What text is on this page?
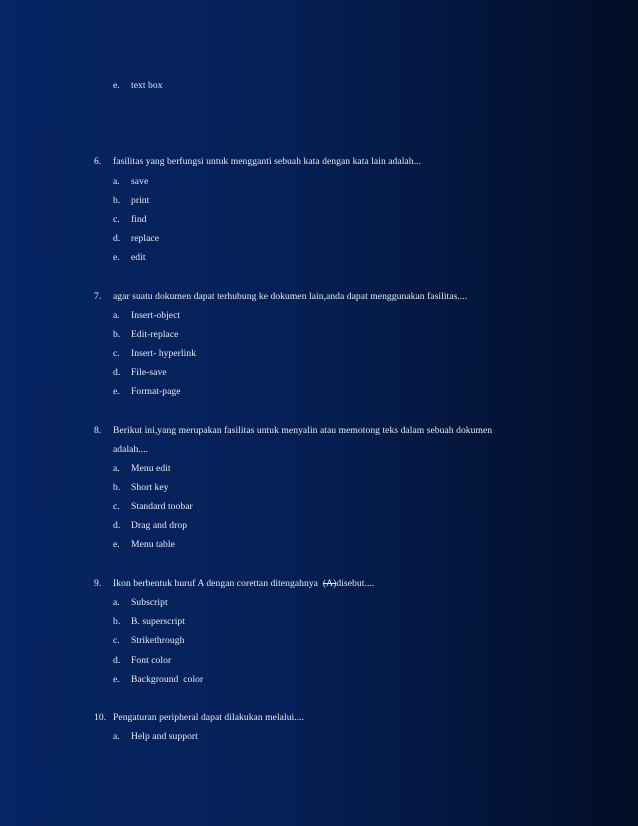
e. text box
6. fasilitas yang berfungsi untuk mengganti sebuah kata dengan kata lain adalah...
a. save
b. print
c. find
d. replace
e. edit
7. agar suatu dokumen dapat terhubung ke dokumen lain,anda dapat menggunakan fasilitas....
a. Insert-object
b. Edit-replace
c. Insert- hyperlink
d. File-save
e. Format-page
8. Berikut ini,yang merupakan fasilitas untuk menyalin atau memotong teks dalam sebuah dokumen
adalah....
a. Menu edit
b. Short key
c. Standard toobar
d. Drag and drop
e. Menu table
9. Ikon berbentuk huruf A dengan corettan ditengahnya  (A)disebut....
a. Subscript
b. B. superscript
c. Strikethrough
d. Font color
e. Background  color
10. Pengaturan peripheral dapat dilakukan melalui....
a. Help and support
